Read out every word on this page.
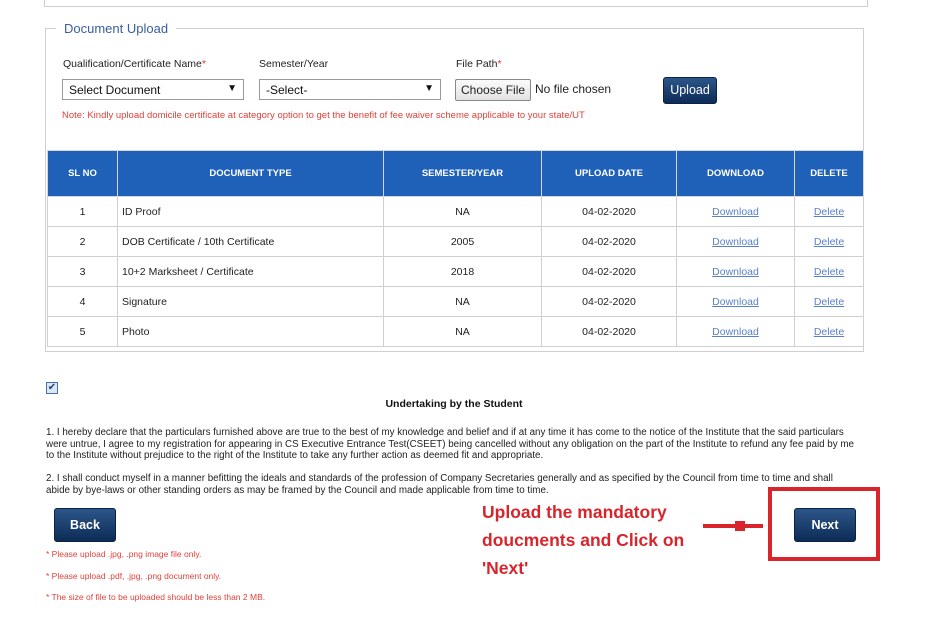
Document Upload
Qualification/Certificate Name*	Semester/Year	File Path*
Select Document	▼	-Select-	▼	Choose File No file chosen	Upload
Note: Kindly upload domicile certificate at category option to get the benefit of fee waiver scheme applicable to your state/UT
SL NO	DOCUMENT TYPE	SEMESTER/YEAR	UPLOAD DATE	DOWNLOAD	DELETE
1	ID Proof	NA	04-02-2020	Download	Delete
2	DOB Certificate / 10th Certificate	2005	04-02-2020	Download	Delete
3	10+2 Marksheet / Certificate	2018	04-02-2020	Download	Delete
4	Signature	NA	04-02-2020	Download	Delete
5	Photo	NA	04-02-2020	Download	Delete
✔
Undertaking by the Student
1. I hereby declare that the particulars furnished above are true to the best of my knowledge and belief and if at any time it has come to the notice of the Institute that the said particulars were untrue, I agree to my registration for appearing in CS Executive Entrance Test(CSEET) being cancelled without any obligation on the part of the Institute to refund any fee paid by me to the Institute without prejudice to the right of the Institute to take any further action as deemed fit and appropriate.
2. I shall conduct myself in a manner befitting the ideals and standards of the profession of Company Secretaries generally and as specified by the Council from time to time and shall abide by bye-laws or other standing orders as may be framed by the Council and made applicable from time to time.
Back	Next
* Please upload .jpg, .png image file only.
* Please upload .pdf, .jpg, .png document only.
* The size of file to be uploaded should be less than 2 MB.
Upload the mandatory
doucments and Click on
'Next'
